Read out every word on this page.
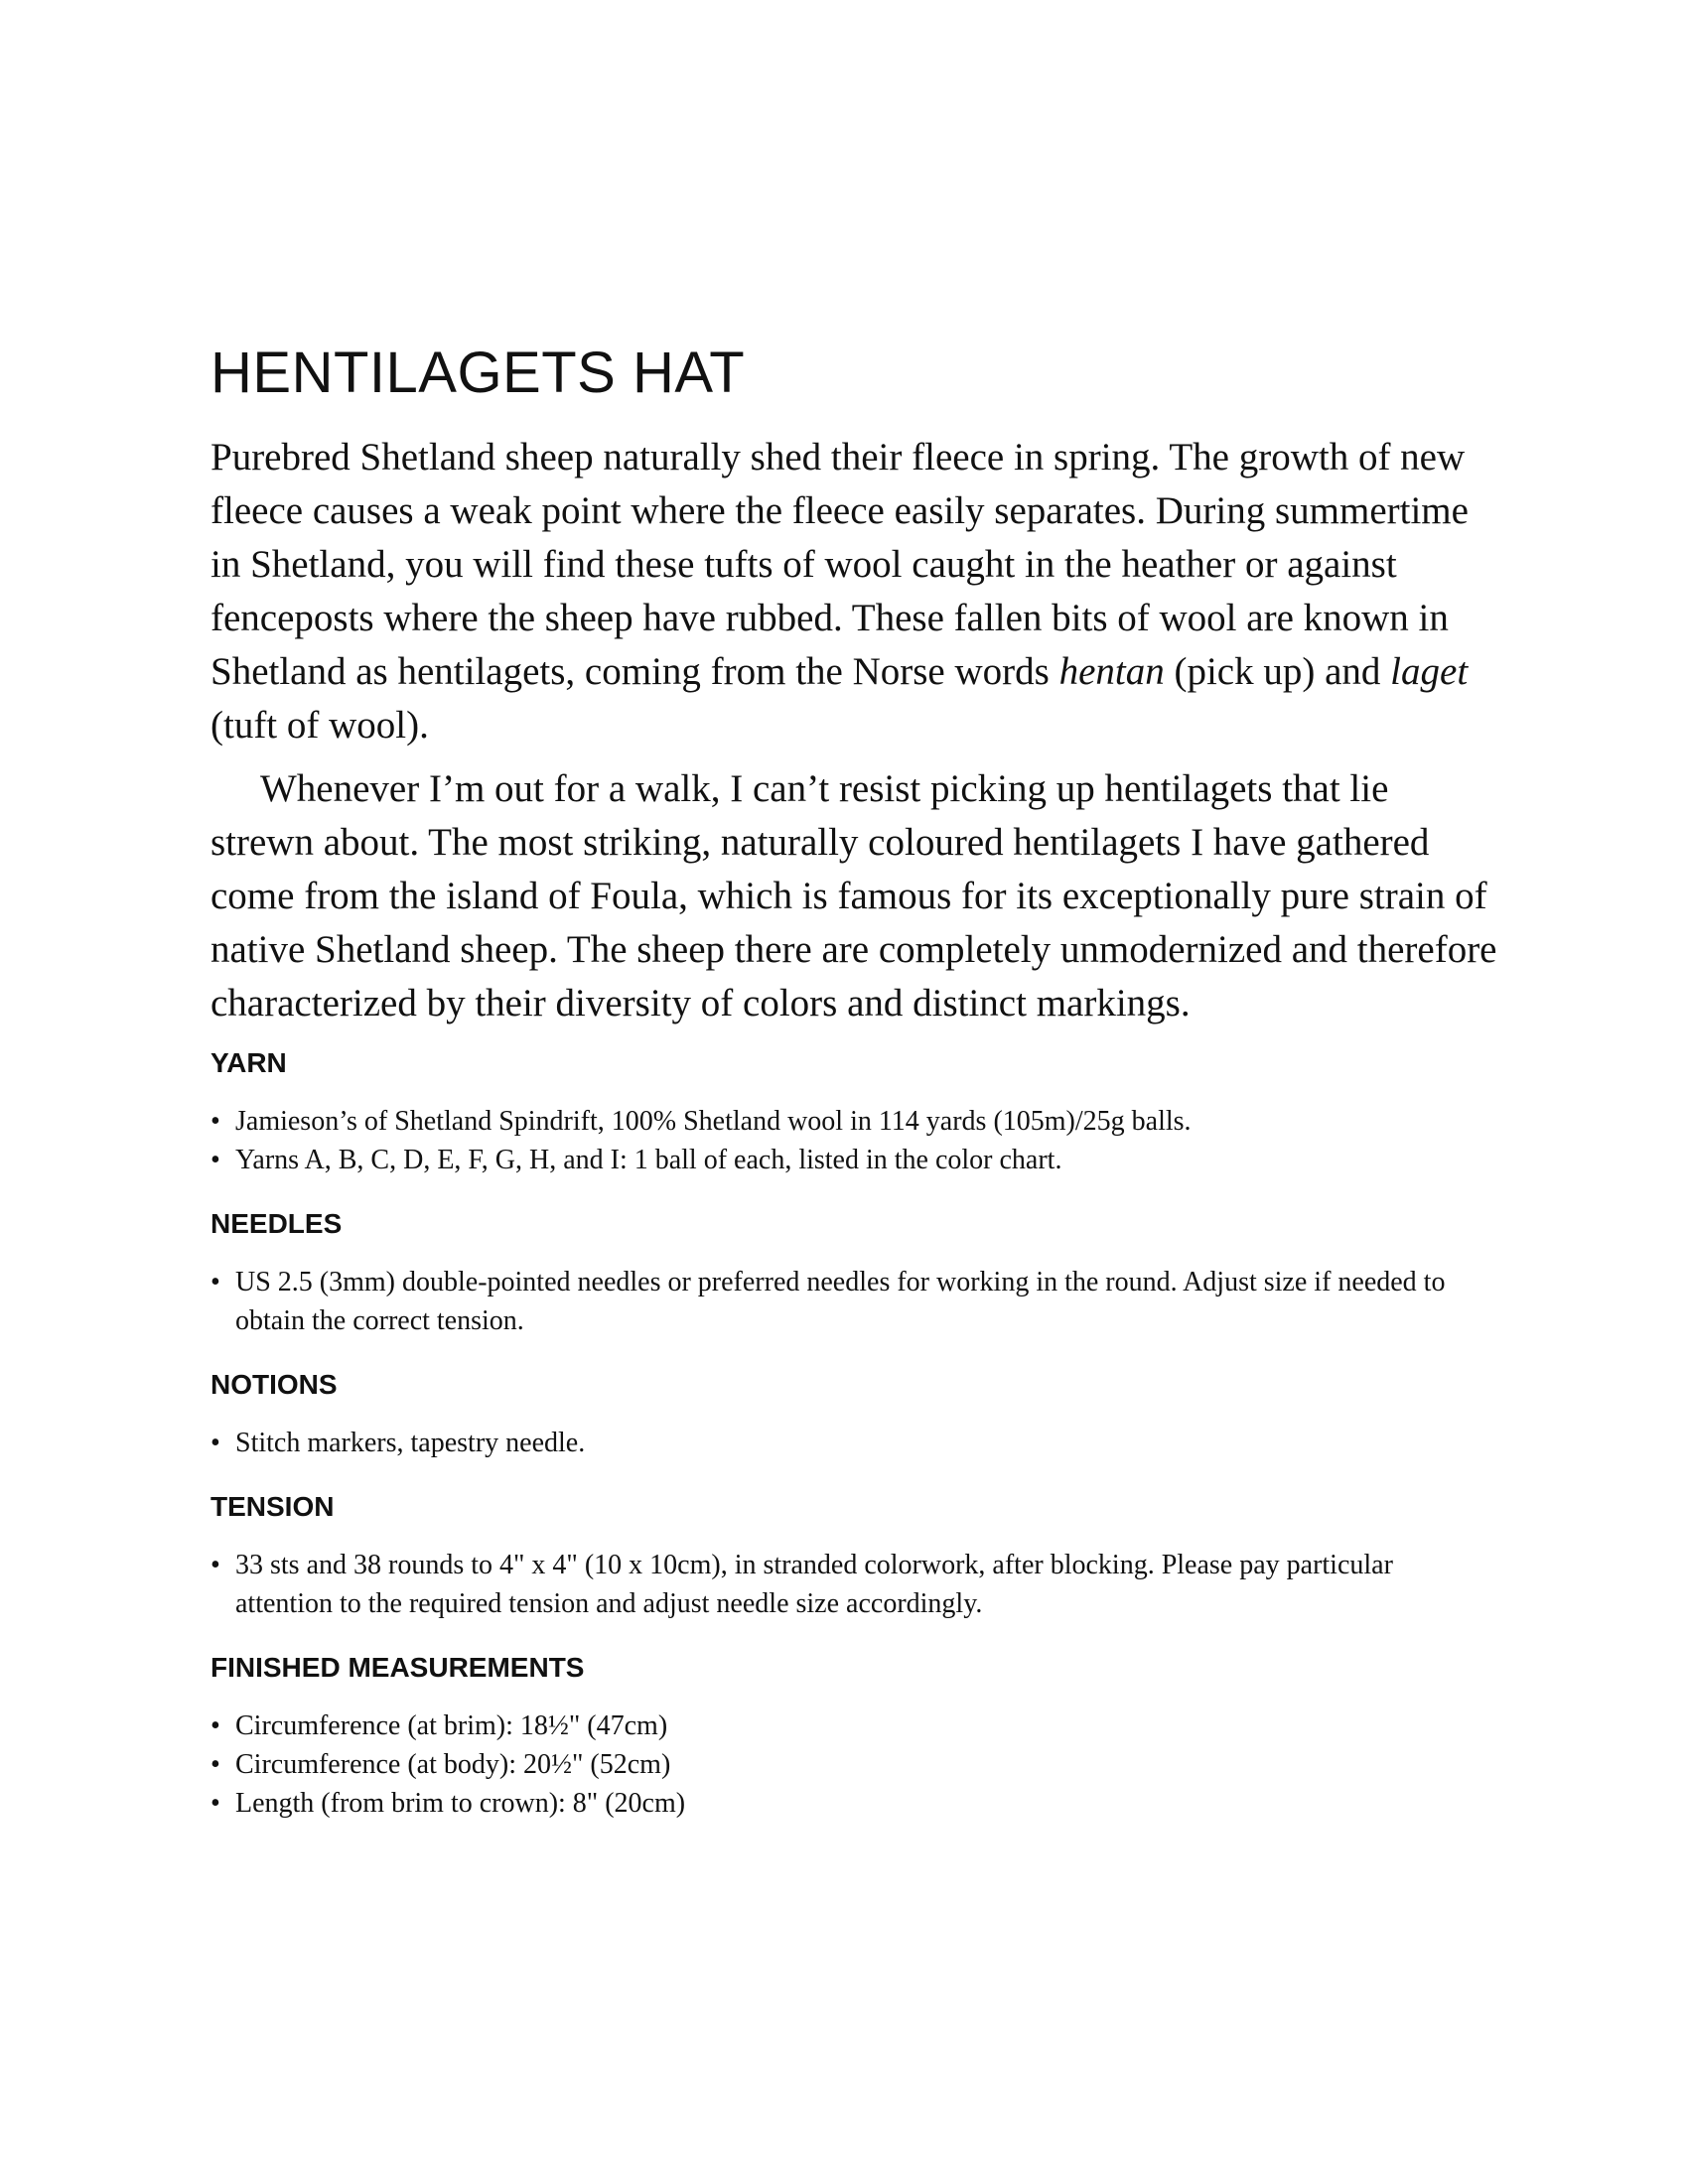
HENTILAGETS HAT

Purebred Shetland sheep naturally shed their fleece in spring. The growth of new fleece causes a weak point where the fleece easily separates. During summertime in Shetland, you will find these tufts of wool caught in the heather or against fenceposts where the sheep have rubbed. These fallen bits of wool are known in Shetland as hentilagets, coming from the Norse words hentan (pick up) and laget (tuft of wool).

Whenever I’m out for a walk, I can’t resist picking up hentilagets that lie strewn about. The most striking, naturally coloured hentilagets I have gathered come from the island of Foula, which is famous for its exceptionally pure strain of native Shetland sheep. The sheep there are completely unmodernized and therefore characterized by their diversity of colors and distinct markings.

YARN
• Jamieson’s of Shetland Spindrift, 100% Shetland wool in 114 yards (105m)/25g balls.
• Yarns A, B, C, D, E, F, G, H, and I: 1 ball of each, listed in the color chart.
NEEDLES
• US 2.5 (3mm) double-pointed needles or preferred needles for working in the round. Adjust size if needed to obtain the correct tension.
NOTIONS
• Stitch markers, tapestry needle.
TENSION
• 33 sts and 38 rounds to 4" x 4" (10 x 10cm), in stranded colorwork, after blocking. Please pay particular attention to the required tension and adjust needle size accordingly.
FINISHED MEASUREMENTS
• Circumference (at brim): 18½" (47cm)
• Circumference (at body): 20½" (52cm)
• Length (from brim to crown): 8" (20cm)
